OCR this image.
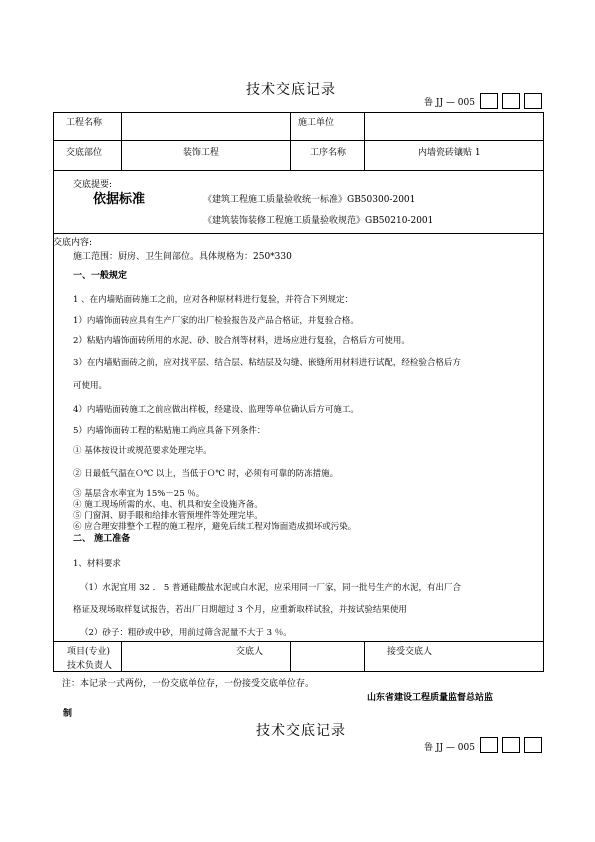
技术交底记录
鲁 JJ — 005
工程名称	施工单位
交底部位	装饰工程	工序名称	内墙瓷砖镶贴 1
交底提要:
依据标准	《建筑工程施工质量验收统一标准》GB50300-2001
《建筑装饰装修工程施工质量验收规范》GB50210-2001
交底内容:
施工范围：厨房、卫生间部位。具体规格为：250*330
一、一般规定
1 、在内墙贴面砖施工之前，应对各种原材料进行复验，并符合下列规定：
1）内墙饰面砖应具有生产厂家的出厂检验报告及产品合格证，并复验合格。
2）粘贴内墙饰面砖所用的水泥、砂、胶合剂等材料，进场应进行复验，合格后方可使用。
3）在内墙贴面砖之前，应对找平层、结合层、粘结层及勾缝、嵌缝所用材料进行试配，经检验合格后方
可使用。
4）内墙贴面砖施工之前应做出样板，经建设、监理等单位确认后方可施工。
5）内墙饰面砖工程的粘贴施工尚应具备下列条件：
① 基体按设计或规范要求处理完毕。
② 日最低气温在Ｏ℃ 以上，当低于Ｏ℃ 时，必须有可靠的防冻措施。
③ 基层含水率宜为 15%－25 ％。
④ 施工现场所需的水、电、机具和安全设施齐备。
⑤ 门窗洞、厨手眼和给排水管预埋件等处理完毕。
⑥ 应合理安排整个工程的施工程序，避免后续工程对饰面造成损坏或污染。
二、 施工准备
1、材料要求
（1）水泥宜用 32 ． 5 普通硅酸盐水泥或白水泥，应采用同一厂家，同一批号生产的水泥，有出厂合
格证及现场取样复试报告，若出厂日期超过 3 个月，应重新取样试验，并按试验结果使用
（2）砂子：粗砂或中砂，用前过筛含泥量不大于 3 ％。
项目(专业)
技术负责人
交底人	接受交底人
注：本记录一式两份，一份交底单位存，一份接受交底单位存。
山东省建设工程质量监督总站监
制
技术交底记录
鲁 JJ — 005
